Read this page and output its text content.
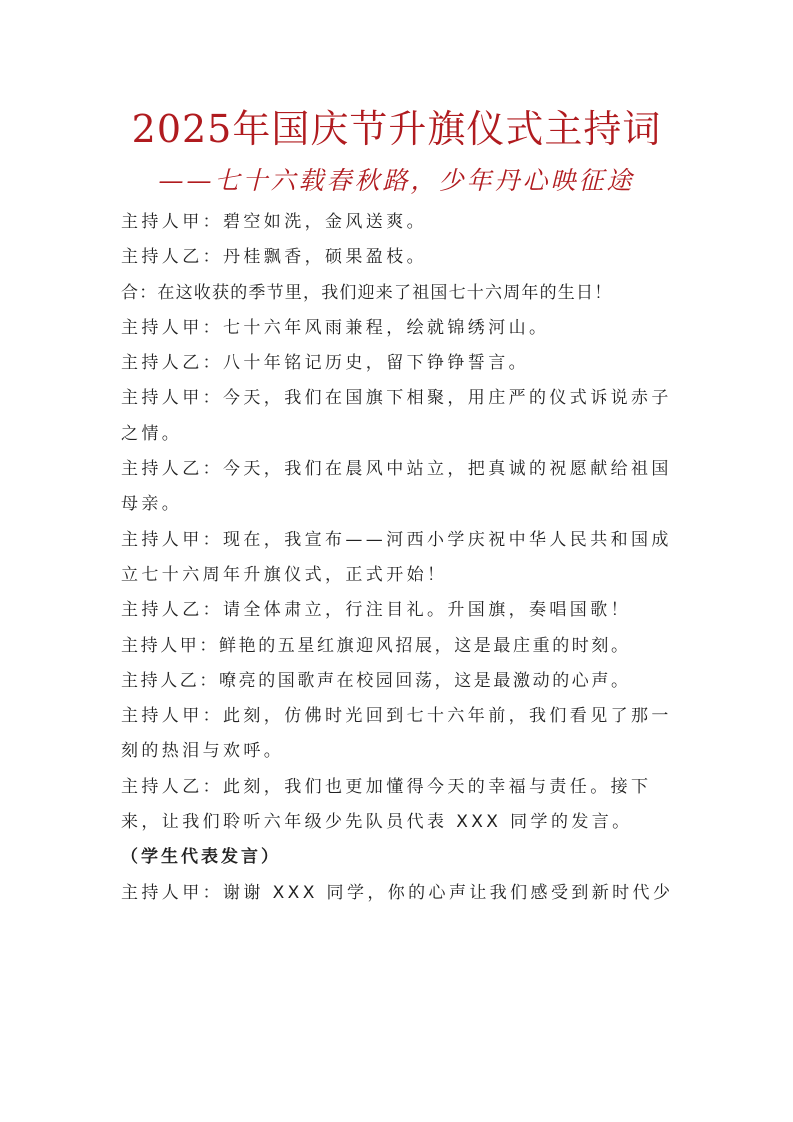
2025年国庆节升旗仪式主持词
——七十六载春秋路，少年丹心映征途

主持人甲：碧空如洗，金风送爽。

主持人乙：丹桂飘香，硕果盈枝。

合：在这收获的季节里，我们迎来了祖国七十六周年的生日！

主持人甲：七十六年风雨兼程，绘就锦绣河山。

主持人乙：八十年铭记历史，留下铮铮誓言。

主持人甲：今天，我们在国旗下相聚，用庄严的仪式诉说赤子之情。

主持人乙：今天，我们在晨风中站立，把真诚的祝愿献给祖国母亲。

主持人甲：现在，我宣布——河西小学庆祝中华人民共和国成立七十六周年升旗仪式，正式开始！

主持人乙：请全体肃立，行注目礼。升国旗，奏唱国歌！

主持人甲：鲜艳的五星红旗迎风招展，这是最庄重的时刻。

主持人乙：嘹亮的国歌声在校园回荡，这是最激动的心声。

主持人甲：此刻，仿佛时光回到七十六年前，我们看见了那一刻的热泪与欢呼。

主持人乙：此刻，我们也更加懂得今天的幸福与责任。接下来，让我们聆听六年级少先队员代表 XXX 同学的发言。

（学生代表发言）

主持人甲：谢谢 XXX 同学，你的心声让我们感受到新时代少
